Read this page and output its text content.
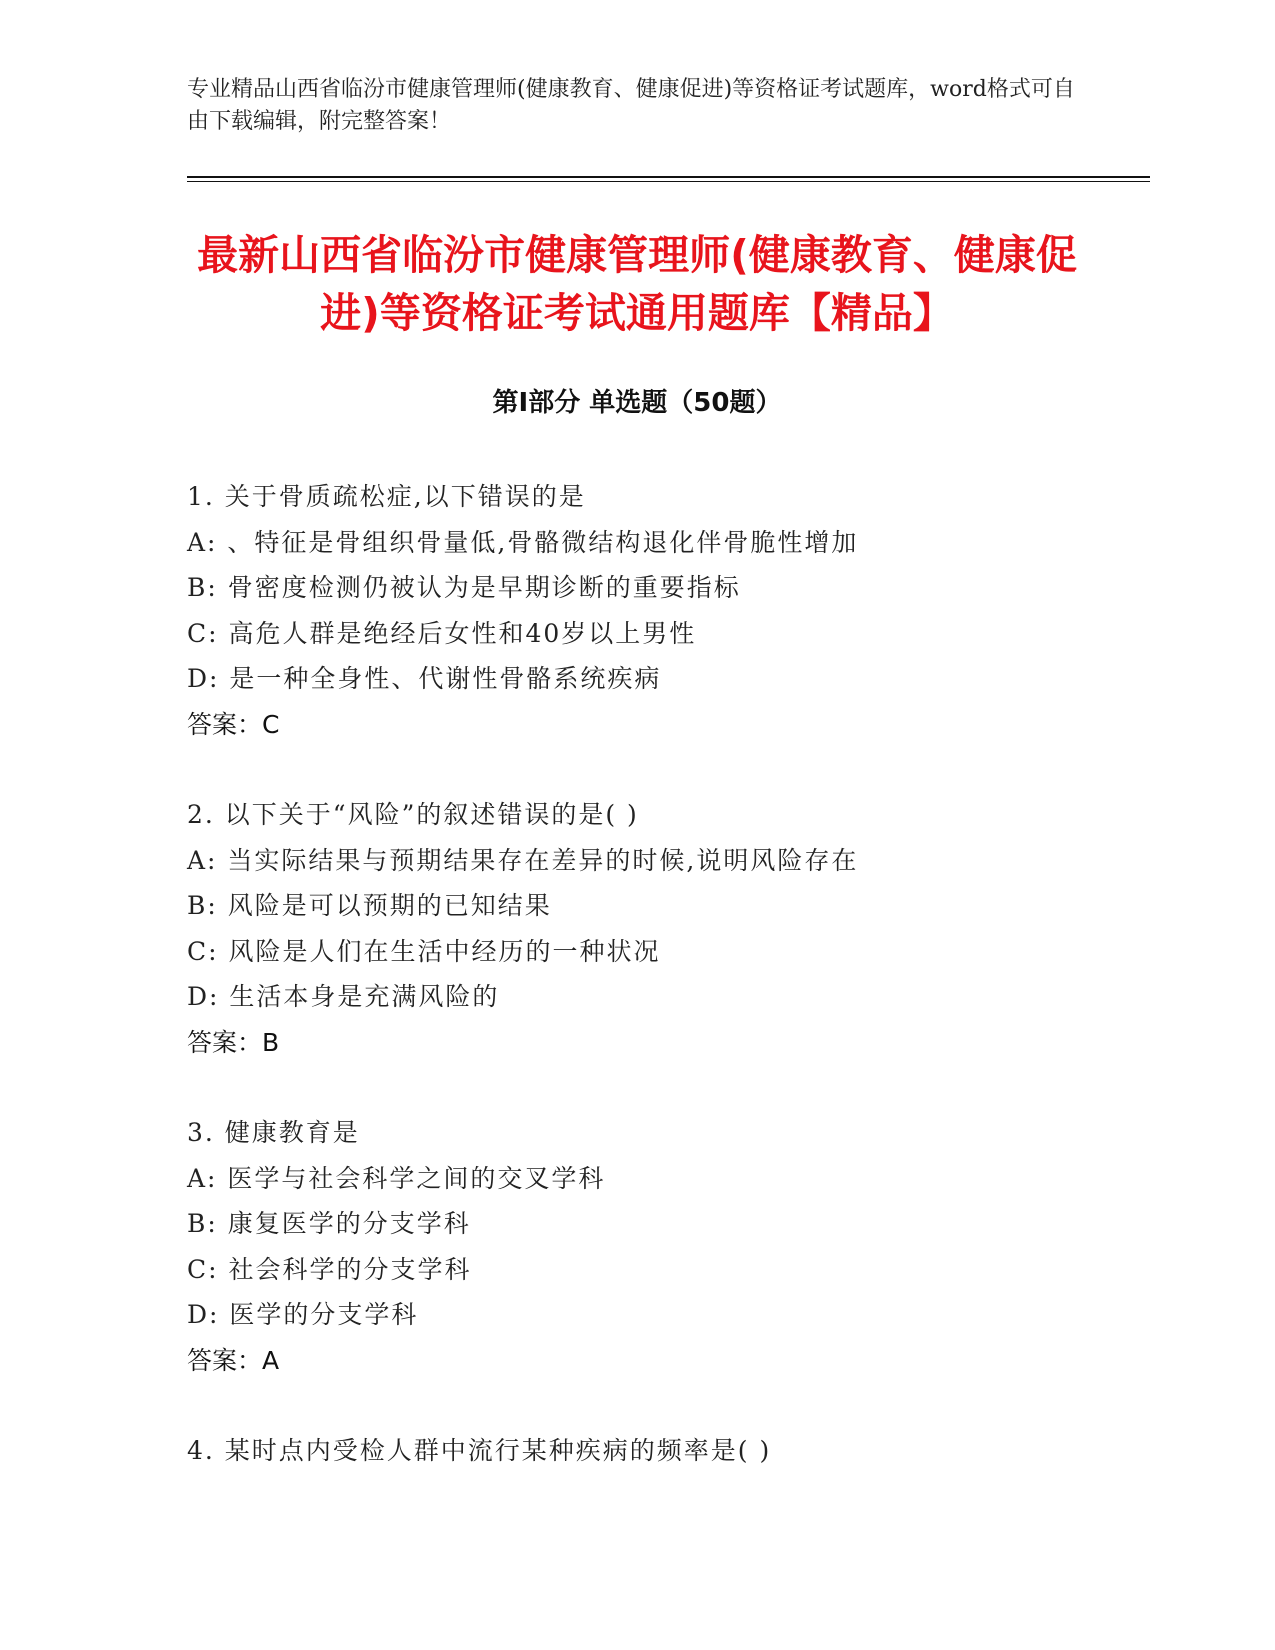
专业精品山西省临汾市健康管理师(健康教育、健康促进)等资格证考试题库，word格式可自由下载编辑，附完整答案！
最新山西省临汾市健康管理师(健康教育、健康促进)等资格证考试通用题库【精品】
第Ⅰ部分 单选题（50题）
1. 关于骨质疏松症,以下错误的是
A: 、特征是骨组织骨量低,骨骼微结构退化伴骨脆性增加
B: 骨密度检测仍被认为是早期诊断的重要指标
C: 高危人群是绝经后女性和40岁以上男性
D: 是一种全身性、代谢性骨骼系统疾病
答案：C
2. 以下关于“风险”的叙述错误的是( )
A: 当实际结果与预期结果存在差异的时候,说明风险存在
B: 风险是可以预期的已知结果
C: 风险是人们在生活中经历的一种状况
D: 生活本身是充满风险的
答案：B
3. 健康教育是
A: 医学与社会科学之间的交叉学科
B: 康复医学的分支学科
C: 社会科学的分支学科
D: 医学的分支学科
答案：A
4. 某时点内受检人群中流行某种疾病的频率是( )
